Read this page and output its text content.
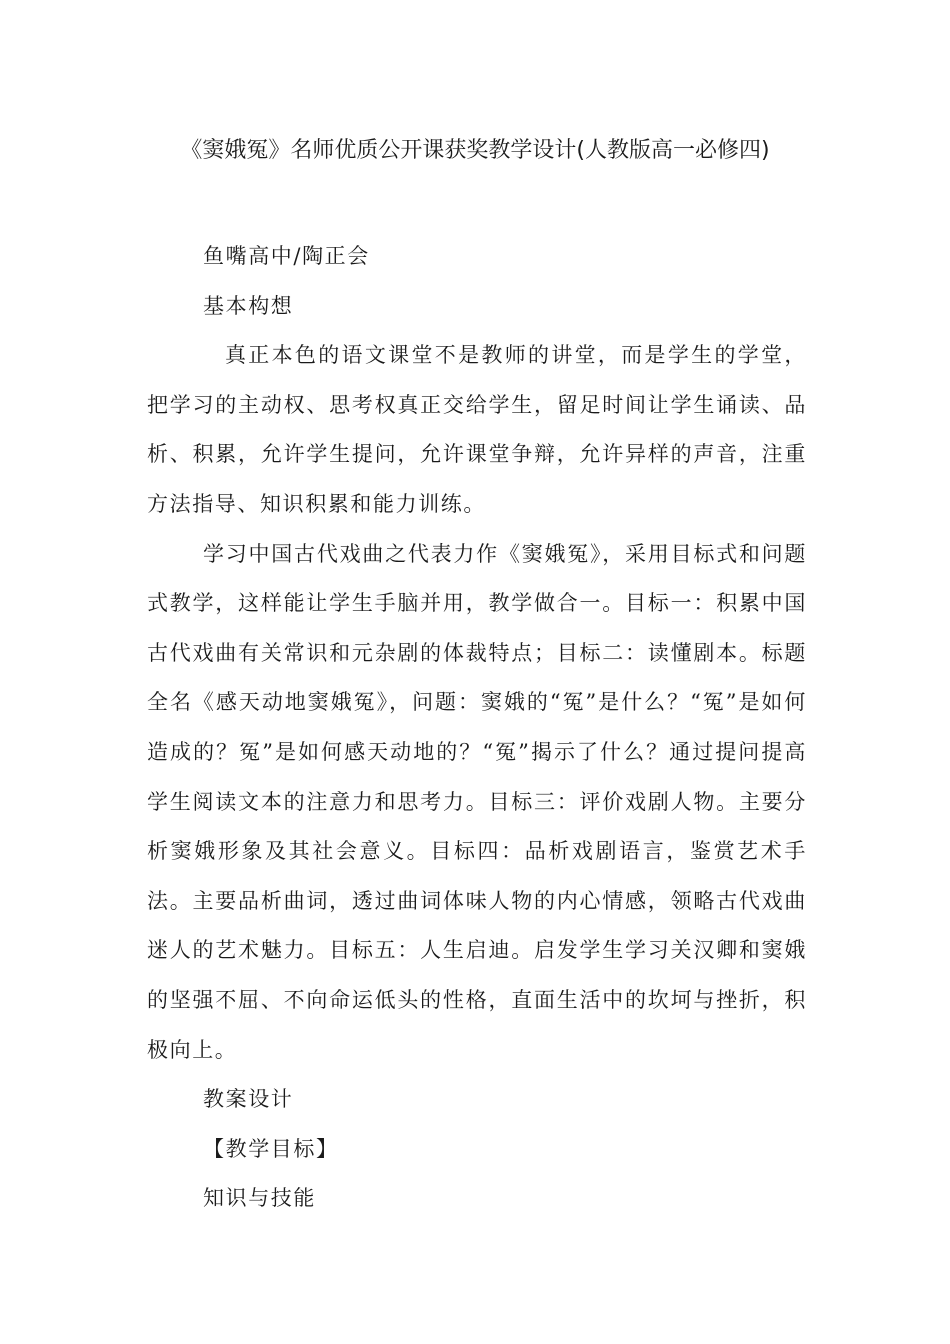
《窦娥冤》名师优质公开课获奖教学设计(人教版高一必修四)

鱼嘴高中/陶正会

基本构想

真正本色的语文课堂不是教师的讲堂，而是学生的学堂，把学习的主动权、思考权真正交给学生，留足时间让学生诵读、品析、积累，允许学生提问，允许课堂争辩，允许异样的声音，注重方法指导、知识积累和能力训练。

学习中国古代戏曲之代表力作《窦娥冤》，采用目标式和问题式教学，这样能让学生手脑并用，教学做合一。目标一：积累中国古代戏曲有关常识和元杂剧的体裁特点；目标二：读懂剧本。标题全名《感天动地窦娥冤》，问题：窦娥的“冤”是什么？“冤”是如何造成的？冤”是如何感天动地的？“冤”揭示了什么？通过提问提高学生阅读文本的注意力和思考力。目标三：评价戏剧人物。主要分析窦娥形象及其社会意义。目标四：品析戏剧语言，鉴赏艺术手法。主要品析曲词，透过曲词体味人物的内心情感，领略古代戏曲迷人的艺术魅力。目标五：人生启迪。启发学生学习关汉卿和窦娥的坚强不屈、不向命运低头的性格，直面生活中的坎坷与挫折，积极向上。

教案设计

【教学目标】

知识与技能
